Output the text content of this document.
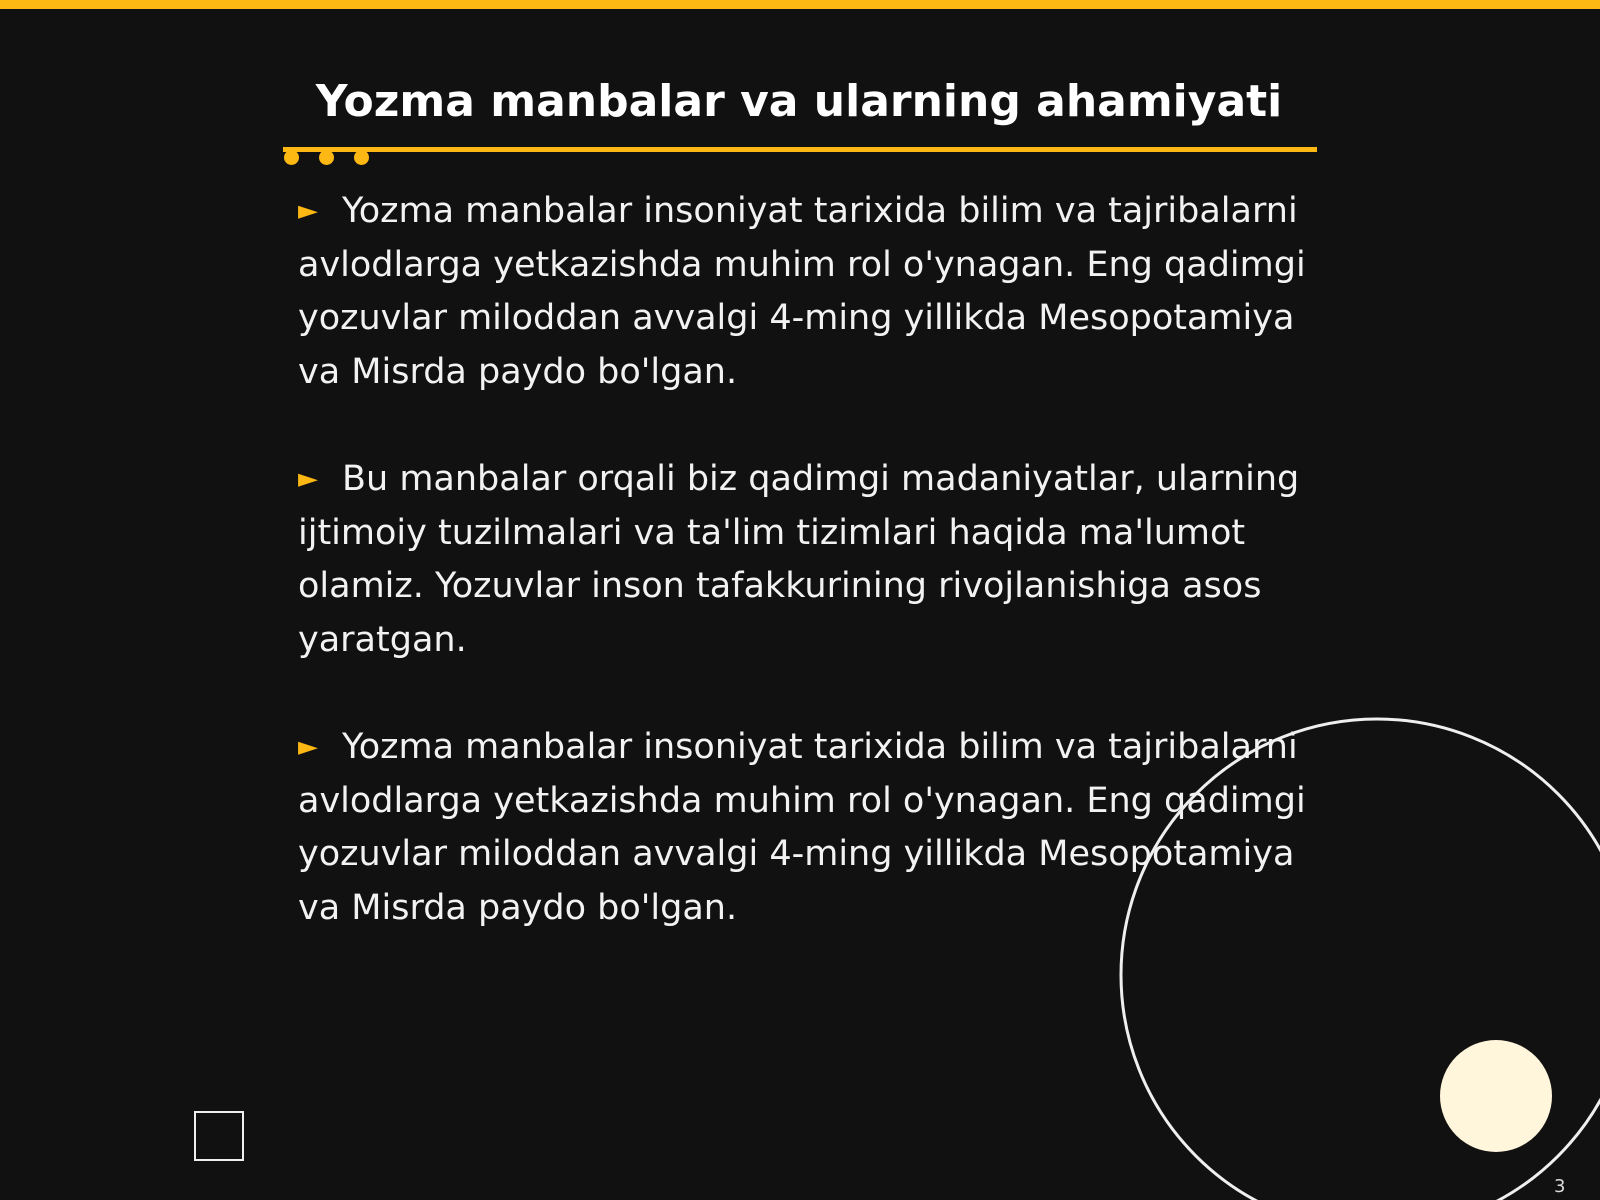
Yozma manbalar va ularning ahamiyati

► Yozma manbalar insoniyat tarixida bilim va tajribalarni avlodlarga yetkazishda muhim rol o'ynagan. Eng qadimgi yozuvlar miloddan avvalgi 4-ming yillikda Mesopotamiya va Misrda paydo bo'lgan.

► Bu manbalar orqali biz qadimgi madaniyatlar, ularning ijtimoiy tuzilmalari va ta'lim tizimlari haqida ma'lumot olamiz. Yozuvlar inson tafakkurining rivojlanishiga asos yaratgan.

► Yozma manbalar insoniyat tarixida bilim va tajribalarni avlodlarga yetkazishda muhim rol o'ynagan. Eng qadimgi yozuvlar miloddan avvalgi 4-ming yillikda Mesopotamiya va Misrda paydo bo'lgan.

3
